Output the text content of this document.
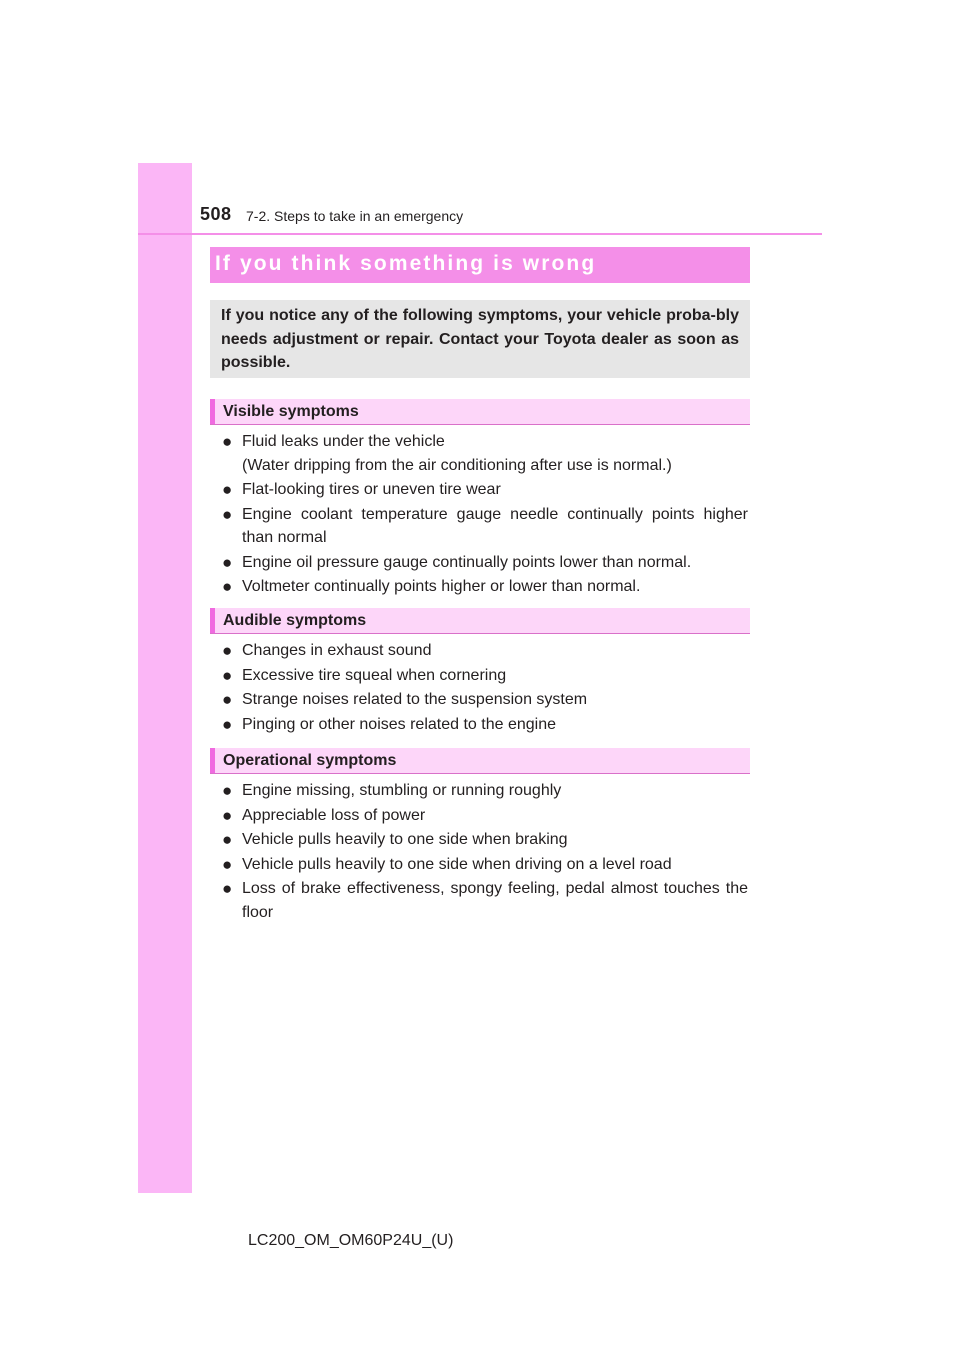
508 7-2. Steps to take in an emergency
If you think something is wrong
If you notice any of the following symptoms, your vehicle proba-bly needs adjustment or repair. Contact your Toyota dealer as soon as possible.
Visible symptoms
● Fluid leaks under the vehicle
(Water dripping from the air conditioning after use is normal.)
● Flat-looking tires or uneven tire wear
● Engine coolant temperature gauge needle continually points higher than normal
● Engine oil pressure gauge continually points lower than normal.
● Voltmeter continually points higher or lower than normal.
Audible symptoms
● Changes in exhaust sound
● Excessive tire squeal when cornering
● Strange noises related to the suspension system
● Pinging or other noises related to the engine
Operational symptoms
● Engine missing, stumbling or running roughly
● Appreciable loss of power
● Vehicle pulls heavily to one side when braking
● Vehicle pulls heavily to one side when driving on a level road
● Loss of brake effectiveness, spongy feeling, pedal almost touches the floor
LC200_OM_OM60P24U_(U)
